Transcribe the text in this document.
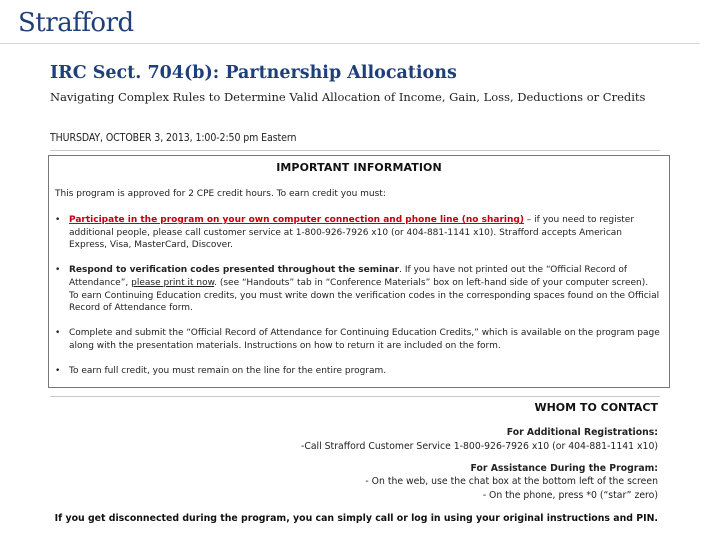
Strafford
IRC Sect. 704(b): Partnership Allocations
Navigating Complex Rules to Determine Valid Allocation of Income, Gain, Loss, Deductions or Credits
THURSDAY, OCTOBER 3, 2013, 1:00-2:50 pm Eastern
IMPORTANT INFORMATION
This program is approved for 2 CPE credit hours. To earn credit you must:
• Participate in the program on your own computer connection and phone line (no sharing) – if you need to register additional people, please call customer service at 1-800-926-7926 x10 (or 404-881-1141 x10). Strafford accepts American Express, Visa, MasterCard, Discover.
• Respond to verification codes presented throughout the seminar. If you have not printed out the “Official Record of Attendance”, please print it now. (see “Handouts” tab in “Conference Materials” box on left-hand side of your computer screen). To earn Continuing Education credits, you must write down the verification codes in the corresponding spaces found on the Official Record of Attendance form.
• Complete and submit the “Official Record of Attendance for Continuing Education Credits,” which is available on the program page along with the presentation materials. Instructions on how to return it are included on the form.
• To earn full credit, you must remain on the line for the entire program.
WHOM TO CONTACT
For Additional Registrations:
-Call Strafford Customer Service 1-800-926-7926 x10 (or 404-881-1141 x10)
For Assistance During the Program:
- On the web, use the chat box at the bottom left of the screen
- On the phone, press *0 (“star” zero)
If you get disconnected during the program, you can simply call or log in using your original instructions and PIN.
